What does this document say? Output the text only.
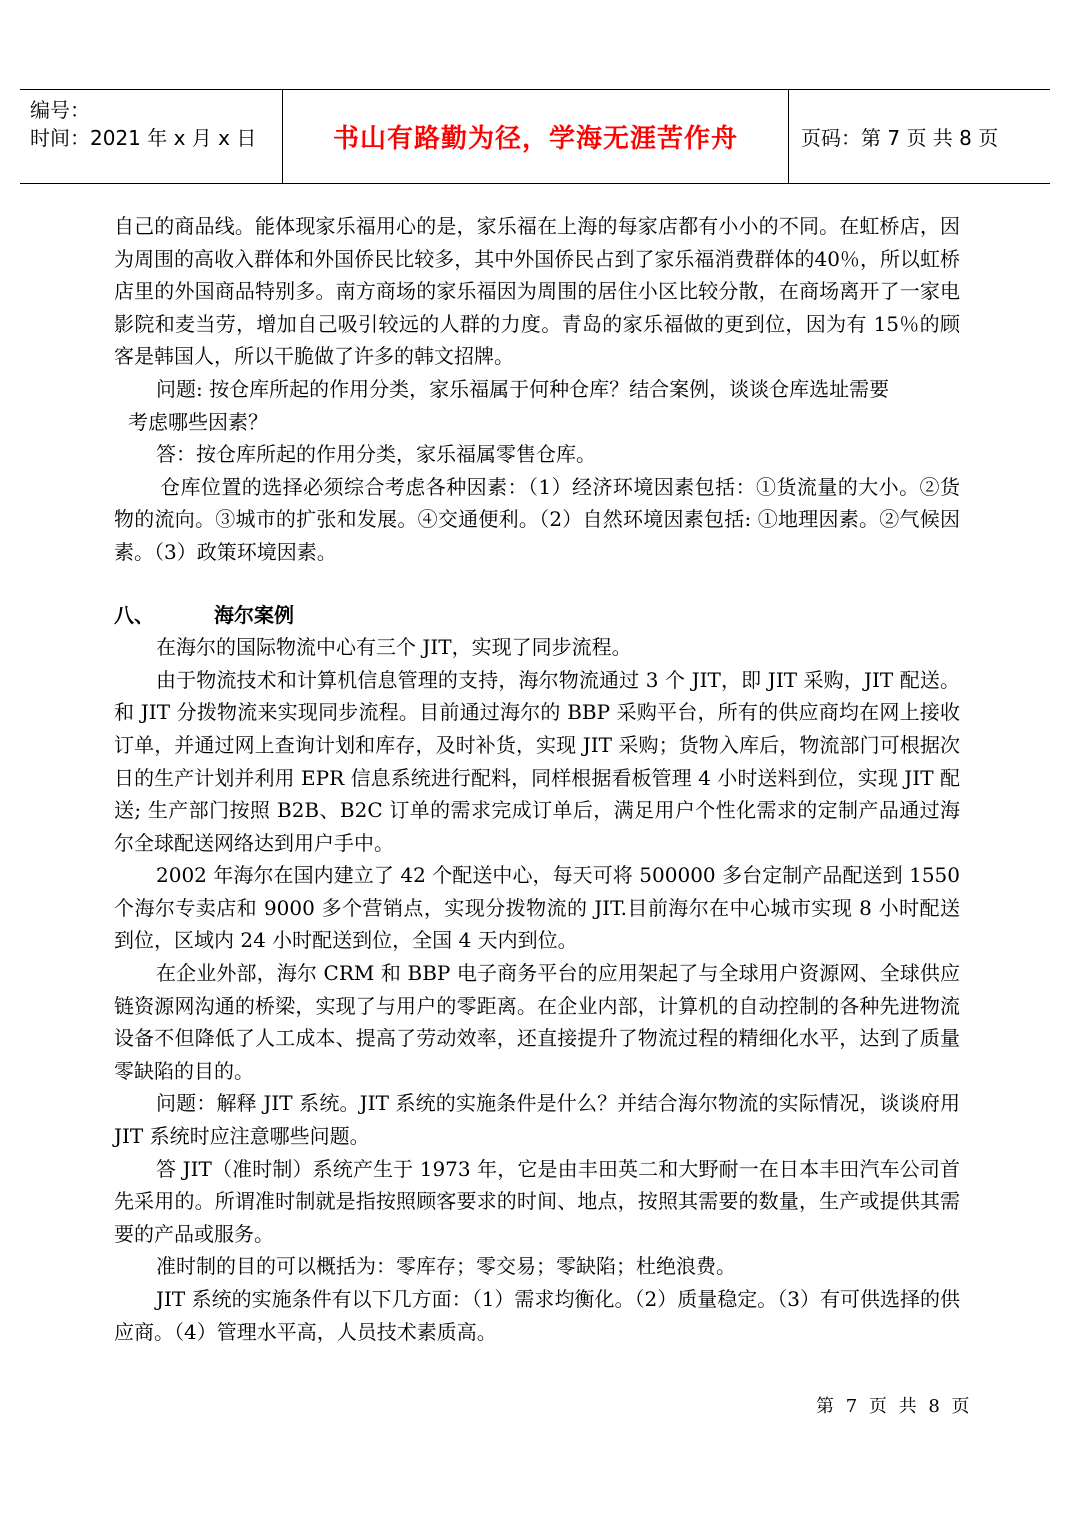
编号：
时间：2021 年 x 月 x 日	书山有路勤为径，学海无涯苦作舟	页码：第 7 页 共 8 页

自己的商品线。能体现家乐福用心的是，家乐福在上海的每家店都有小小的不同。在虹桥店，因为周围的高收入群体和外国侨民比较多，其中外国侨民占到了家乐福消费群体的40％，所以虹桥店里的外国商品特别多。南方商场的家乐福因为周围的居住小区比较分散，在商场离开了一家电影院和麦当劳，增加自己吸引较远的人群的力度。青岛的家乐福做的更到位，因为有 15％的顾客是韩国人，所以干脆做了许多的韩文招牌。

问题: 按仓库所起的作用分类，家乐福属于何种仓库？结合案例，谈谈仓库选址需要

考虑哪些因素？

答：按仓库所起的作用分类，家乐福属零售仓库。

仓库位置的选择必须综合考虑各种因素：（1）经济环境因素包括：①货流量的大小。②货物的流向。③城市的扩张和发展。④交通便利。（2）自然环境因素包括: ①地理因素。②气候因素。（3）政策环境因素。

八、	海尔案例

在海尔的国际物流中心有三个 JIT，实现了同步流程。

由于物流技术和计算机信息管理的支持，海尔物流通过 3 个 JIT，即 JIT 采购，JIT 配送。和 JIT 分拨物流来实现同步流程。目前通过海尔的 BBP 采购平台，所有的供应商均在网上接收订单，并通过网上查询计划和库存，及时补货，实现 JIT 采购；货物入库后，物流部门可根据次日的生产计划并利用 EPR 信息系统进行配料，同样根据看板管理 4 小时送料到位，实现 JIT 配送; 生产部门按照 B2B、B2C 订单的需求完成订单后，满足用户个性化需求的定制产品通过海尔全球配送网络达到用户手中。

2002 年海尔在国内建立了 42 个配送中心，每天可将 500000 多台定制产品配送到 1550 个海尔专卖店和 9000 多个营销点，实现分拨物流的 JIT.目前海尔在中心城市实现 8 小时配送到位，区域内 24 小时配送到位，全国 4 天内到位。

在企业外部，海尔 CRM 和 BBP 电子商务平台的应用架起了与全球用户资源网、全球供应链资源网沟通的桥梁，实现了与用户的零距离。在企业内部，计算机的自动控制的各种先进物流设备不但降低了人工成本、提高了劳动效率，还直接提升了物流过程的精细化水平，达到了质量零缺陷的目的。

问题：解释 JIT 系统。JIT 系统的实施条件是什么？并结合海尔物流的实际情况，谈谈府用 JIT 系统时应注意哪些问题。

答 JIT（准时制）系统产生于 1973 年，它是由丰田英二和大野耐一在日本丰田汽车公司首先采用的。所谓准时制就是指按照顾客要求的时间、地点，按照其需要的数量，生产或提供其需要的产品或服务。

准时制的目的可以概括为：零库存；零交易；零缺陷；杜绝浪费。

JIT 系统的实施条件有以下几方面：（1）需求均衡化。（2）质量稳定。（3）有可供选择的供应商。（4）管理水平高，人员技术素质高。

第 7 页 共 8 页
